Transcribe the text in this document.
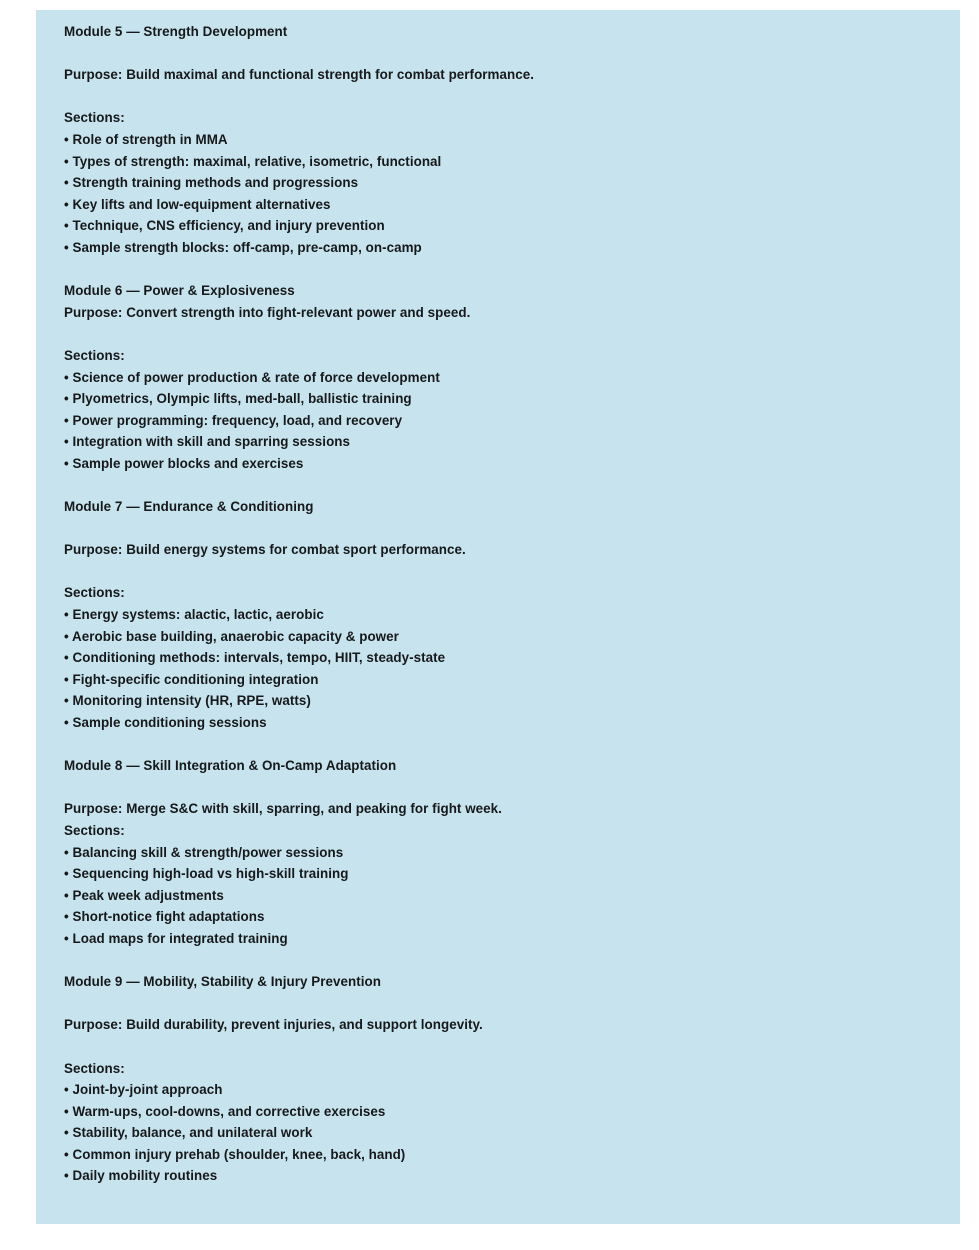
Module 5 — Strength Development

Purpose: Build maximal and functional strength for combat performance.

Sections:
• Role of strength in MMA
• Types of strength: maximal, relative, isometric, functional
• Strength training methods and progressions
• Key lifts and low-equipment alternatives
• Technique, CNS efficiency, and injury prevention
• Sample strength blocks: off-camp, pre-camp, on-camp

Module 6 — Power & Explosiveness
Purpose: Convert strength into fight-relevant power and speed.

Sections:
• Science of power production & rate of force development
• Plyometrics, Olympic lifts, med-ball, ballistic training
• Power programming: frequency, load, and recovery
• Integration with skill and sparring sessions
• Sample power blocks and exercises

Module 7 — Endurance & Conditioning

Purpose: Build energy systems for combat sport performance.

Sections:
• Energy systems: alactic, lactic, aerobic
• Aerobic base building, anaerobic capacity & power
• Conditioning methods: intervals, tempo, HIIT, steady-state
• Fight-specific conditioning integration
• Monitoring intensity (HR, RPE, watts)
• Sample conditioning sessions

Module 8 — Skill Integration & On-Camp Adaptation

Purpose: Merge S&C with skill, sparring, and peaking for fight week.
Sections:
• Balancing skill & strength/power sessions
• Sequencing high-load vs high-skill training
• Peak week adjustments
• Short-notice fight adaptations
• Load maps for integrated training

Module 9 — Mobility, Stability & Injury Prevention

Purpose: Build durability, prevent injuries, and support longevity.

Sections:
• Joint-by-joint approach
• Warm-ups, cool-downs, and corrective exercises
• Stability, balance, and unilateral work
• Common injury prehab (shoulder, knee, back, hand)
• Daily mobility routines
